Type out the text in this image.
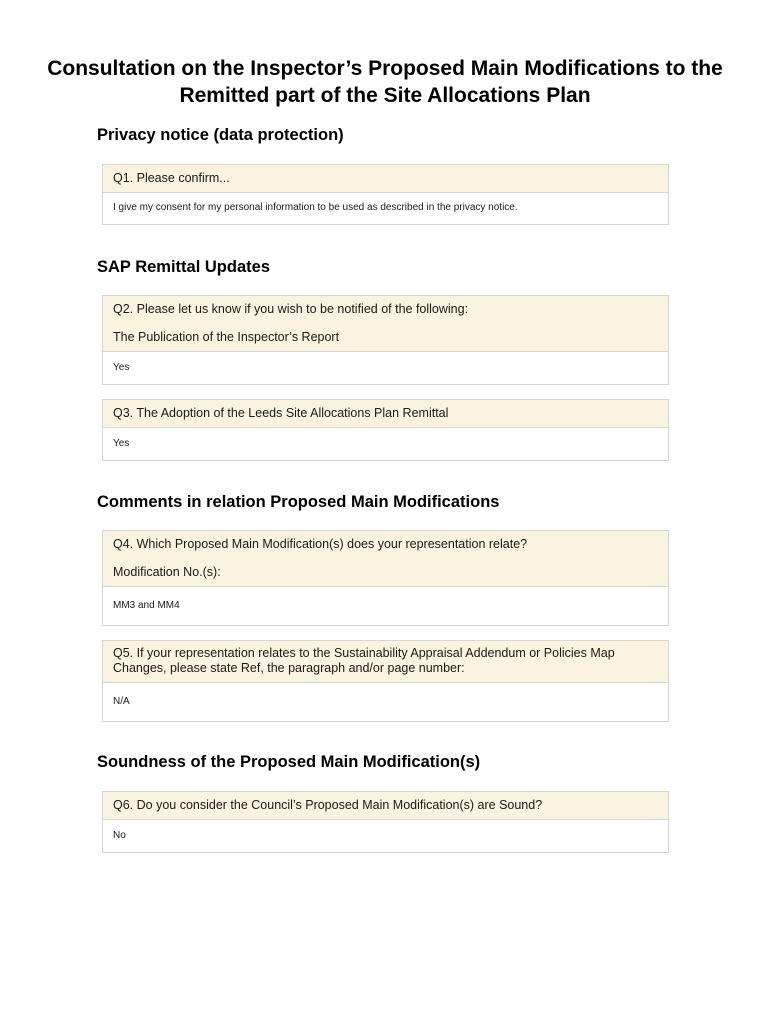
Consultation on the Inspector’s Proposed Main Modifications to the
Remitted part of the Site Allocations Plan
Privacy notice (data protection)
Q1. Please confirm...
I give my consent for my personal information to be used as described in the privacy notice.
SAP Remittal Updates
Q2. Please let us know if you wish to be notified of the following:
The Publication of the Inspector’s Report
Yes
Q3. The Adoption of the Leeds Site Allocations Plan Remittal
Yes
Comments in relation Proposed Main Modifications
Q4. Which Proposed Main Modification(s) does your representation relate?
Modification No.(s):
MM3 and MM4
Q5. If your representation relates to the Sustainability Appraisal Addendum or Policies Map Changes, please state Ref, the paragraph and/or page number:
N/A
Soundness of the Proposed Main Modification(s)
Q6. Do you consider the Council’s Proposed Main Modification(s) are Sound?
No
